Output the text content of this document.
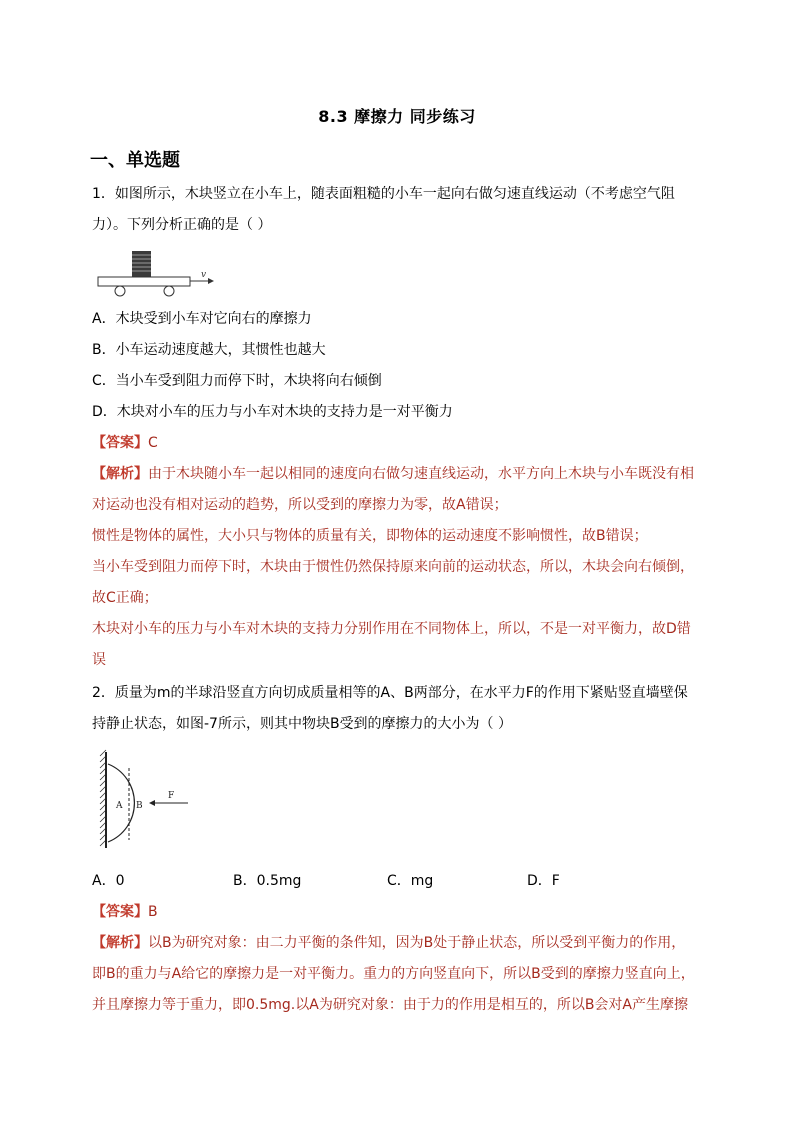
8.3 摩擦力 同步练习
一、单选题
1．如图所示，木块竖立在小车上，随表面粗糙的小车一起向右做匀速直线运动（不考虑空气阻
力）。下列分析正确的是（ ）
v
A．木块受到小车对它向右的摩擦力
B．小车运动速度越大，其惯性也越大
C．当小车受到阻力而停下时，木块将向右倾倒
D．木块对小车的压力与小车对木块的支持力是一对平衡力
【答案】C
【解析】由于木块随小车一起以相同的速度向右做匀速直线运动，水平方向上木块与小车既没有相
对运动也没有相对运动的趋势，所以受到的摩擦力为零，故A错误；
惯性是物体的属性，大小只与物体的质量有关，即物体的运动速度不影响惯性，故B错误；
当小车受到阻力而停下时，木块由于惯性仍然保持原来向前的运动状态，所以，木块会向右倾倒，
故C正确；
木块对小车的压力与小车对木块的支持力分别作用在不同物体上，所以，不是一对平衡力，故D错
误
2．质量为m的半球沿竖直方向切成质量相等的A、B两部分，在水平力F的作用下紧贴竖直墙壁保
持静止状态，如图-7所示，则其中物块B受到的摩擦力的大小为（ ）
A B
F
A．0	B．0.5mg	C．mg	D．F
【答案】B
【解析】以B为研究对象：由二力平衡的条件知，因为B处于静止状态，所以受到平衡力的作用，
即B的重力与A给它的摩擦力是一对平衡力。重力的方向竖直向下，所以B受到的摩擦力竖直向上，
并且摩擦力等于重力，即0.5mg.以A为研究对象：由于力的作用是相互的，所以B会对A产生摩擦
